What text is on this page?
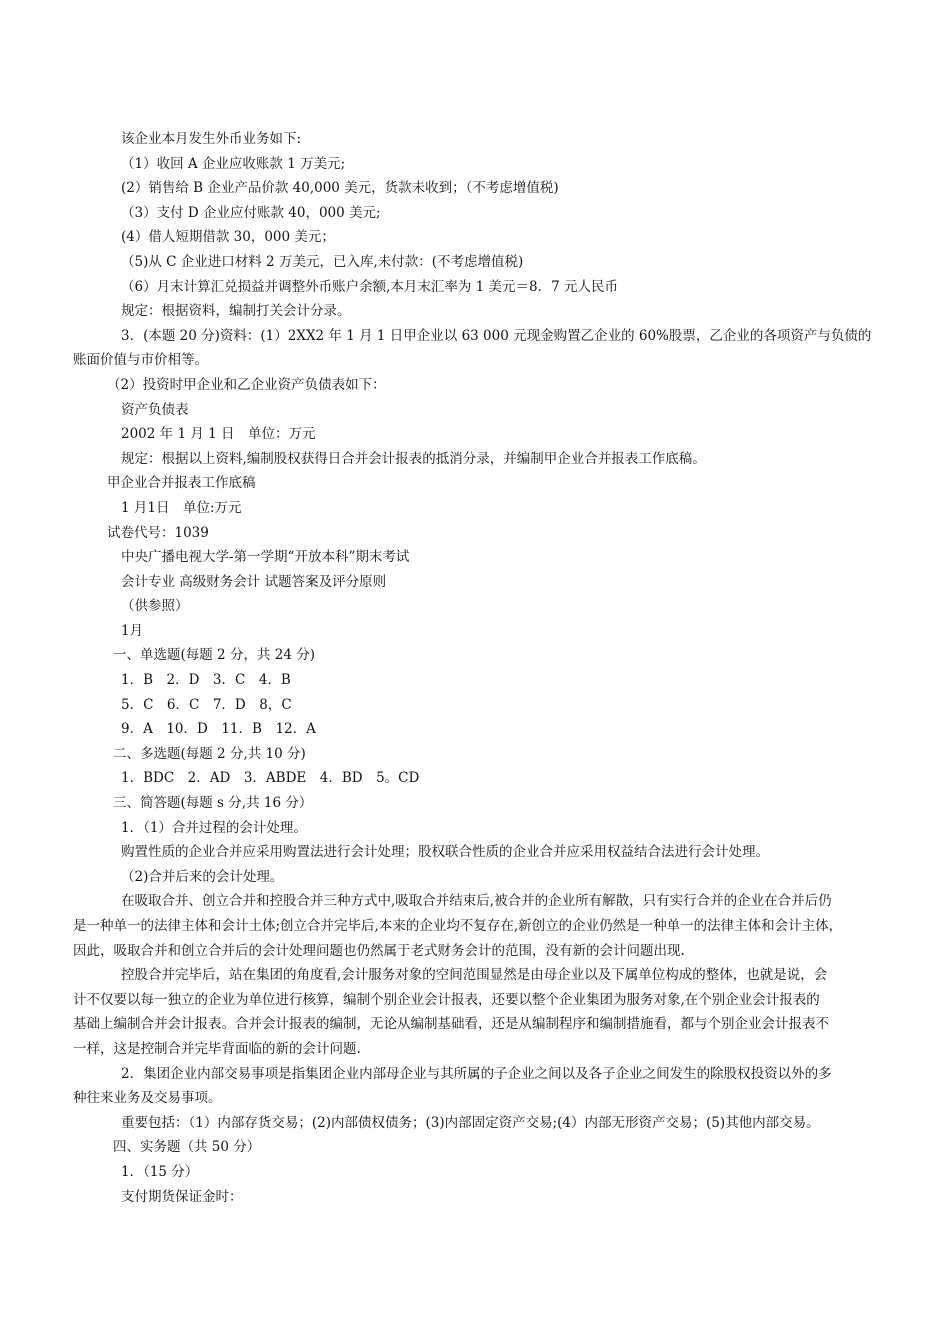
该企业本月发生外币业务如下:
（1）收回 A 企业应收账款 1 万美元;
(2）销售给 B 企业产品价款 40,000 美元，货款未收到；（不考虑增值税)
（3）支付 D 企业应付账款 40，000 美元;
(4）借人短期借款 30，000 美元；
（5)从 C 企业进口材料 2 万美元，已入库,未付款：(不考虑增值税)
（6）月末计算汇兑损益并调整外币账户余额,本月末汇率为 1 美元＝8．7 元人民币
规定：根据资料，编制打关会计分录。
3．(本题 20 分)资料：(1）2XX2 年 1 月 1 日甲企业以 63 000 元现金购置乙企业的 60%股票，乙企业的各项资产与负债的
账面价值与市价相等。
（2）投资时甲企业和乙企业资产负债表如下：
资产负债表
2002 年 1 月 1 日　单位：万元
规定：根据以上资料,编制股权获得日合并会计报表的抵消分录，并编制甲企业合并报表工作底稿。
甲企业合并报表工作底稿
1 月1日　单位:万元
试卷代号：1039
中央广播电视大学-第一学期“开放本科”期末考试
会计专业 高级财务会计 试题答案及评分原则
（供参照）
1月
一、单选题(每题 2 分，共 24 分)
1．B　2．D　3．C　4．B
5．C　6．C　7．D　8，C
9．A　10．D　11．B　12．A
二、多选题(每题 2 分,共 10 分)
1．BDC　2．AD　3．ABDE　4．BD　5。CD
三、简答题(每题 s 分,共 16 分）
1．（1）合并过程的会计处理。
购置性质的企业合并应采用购置法进行会计处理；股权联合性质的企业合并应采用权益结合法进行会计处理。
（2)合并后来的会计处理。
在吸取合并、创立合并和控股合并三种方式中,吸取合并结束后,被合并的企业所有解散，只有实行合并的企业在合并后仍
是一种单一的法律主体和会计土体;创立合并完毕后,本来的企业均不复存在,新创立的企业仍然是一种单一的法律主体和会计主体，
因此，吸取合并和创立合并后的会计处理问题也仍然属于老式财务会计的范围，没有新的会计问题出现.
控股合并完毕后，站在集团的角度看,会计服务对象的空间范围显然是由母企业以及下属单位构成的整体，也就是说，会
计不仅要以每一独立的企业为单位进行核算，编制个别企业会计报表，还要以整个企业集团为服务对象,在个别企业会计报表的
基础上编制合并会计报表。合并会计报表的编制，无论从编制基础看，还是从编制程序和编制措施看，都与个别企业会计报表不
一样，这是控制合并完毕背面临的新的会计问题.
2．集团企业内部交易事项是指集团企业内部母企业与其所属的子企业之间以及各子企业之间发生的除股权投资以外的多
种往来业务及交易事项。
重要包括：（1）内部存货交易；(2)内部债权债务；(3)内部固定资产交易;(4）内部无形资产交易；(5)其他内部交易。
四、实务题（共 50 分）
1．（15 分）
支付期货保证金时：
